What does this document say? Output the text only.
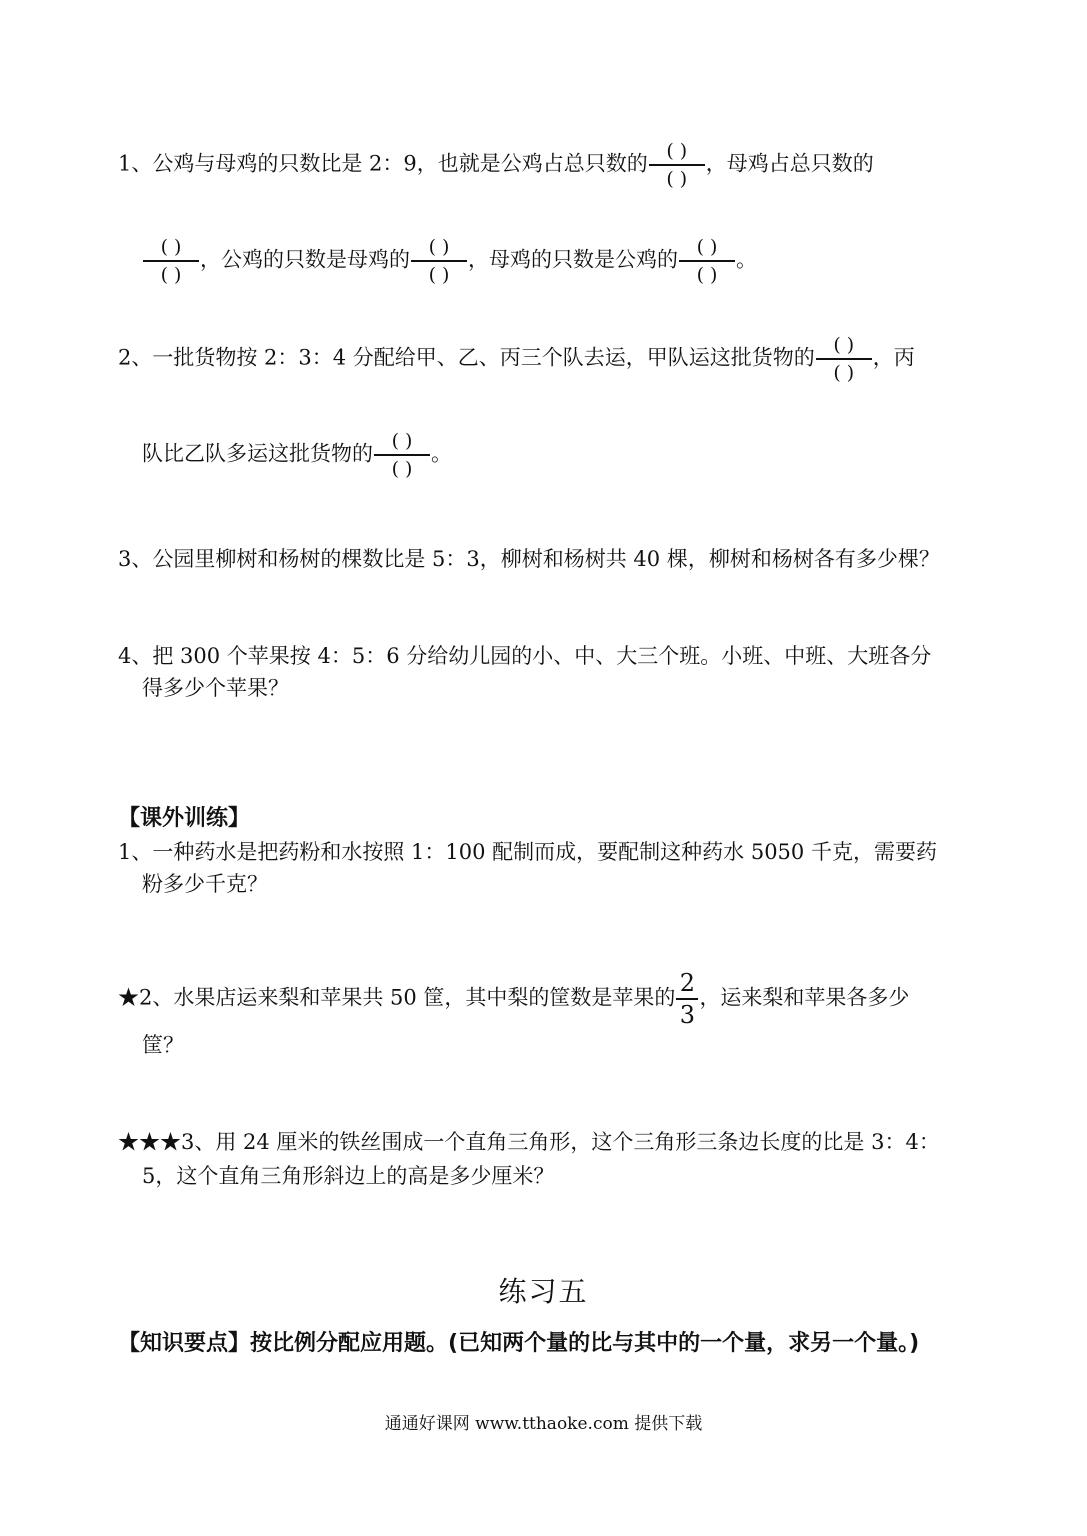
1、公鸡与母鸡的只数比是 2：9，也就是公鸡占总只数的 $\frac{( )}{( )}$ ，母鸡占总只数的
$\frac{( )}{( )}$ ，公鸡的只数是母鸡的 $\frac{( )}{( )}$ ，母鸡的只数是公鸡的 $\frac{( )}{( )}$ 。
2、一批货物按 2：3：4 分配给甲、乙、丙三个队去运，甲队运这批货物的 $\frac{( )}{( )}$ ，丙
队比乙队多运这批货物的 $\frac{( )}{( )}$ 。
3、公园里柳树和杨树的棵数比是 5：3，柳树和杨树共 40 棵，柳树和杨树各有多少棵？
4、把 300 个苹果按 4：5：6 分给幼儿园的小、中、大三个班。小班、中班、大班各分
得多少个苹果？
【课外训练】
1、一种药水是把药粉和水按照 1：100 配制而成，要配制这种药水 5050 千克，需要药
粉多少千克？
★2、水果店运来梨和苹果共 50 筐，其中梨的筐数是苹果的 $\frac{2}{3}$ ，运来梨和苹果各多少
筐？
★★★3、用 24 厘米的铁丝围成一个直角三角形，这个三角形三条边长度的比是 3：4：
5，这个直角三角形斜边上的高是多少厘米？
练习五
【知识要点】按比例分配应用题。(已知两个量的比与其中的一个量，求另一个量。)
通通好课网 www.tthaoke.com 提供下载
